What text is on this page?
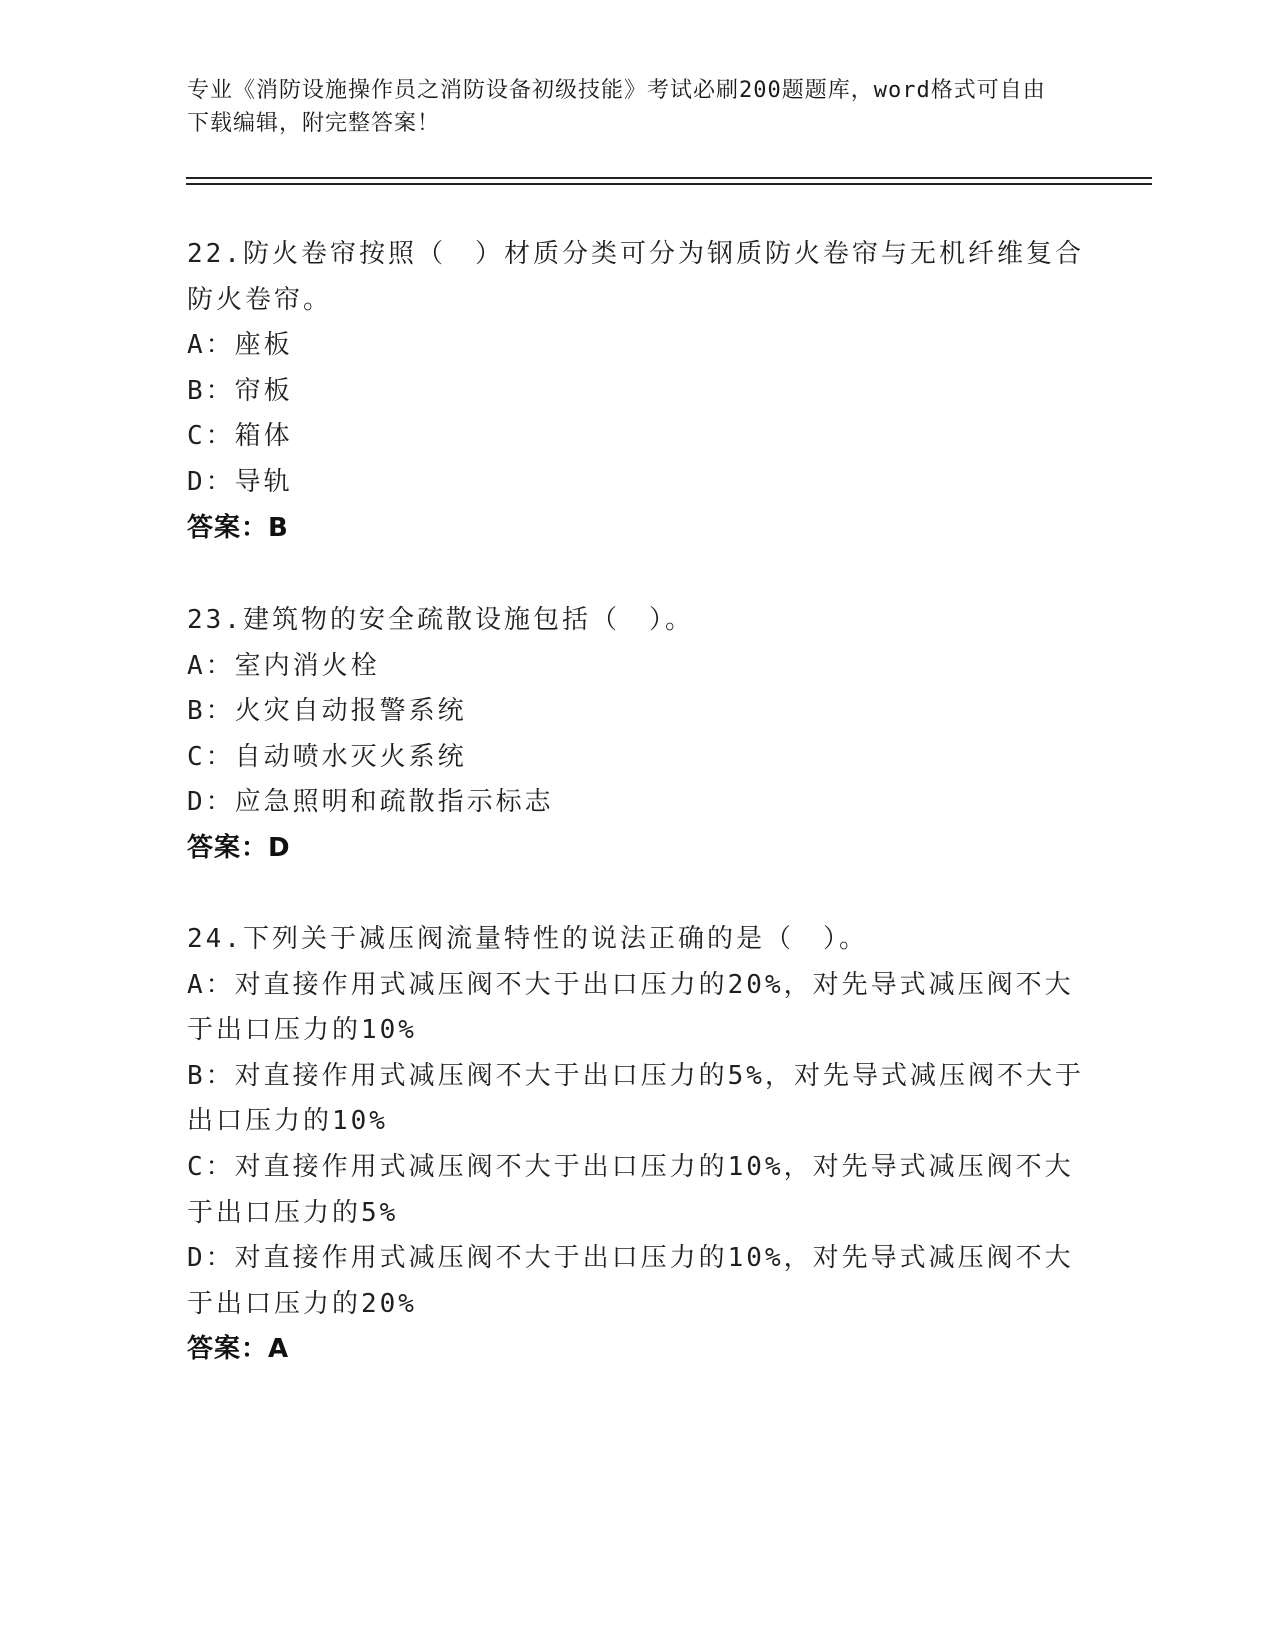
专业《消防设施操作员之消防设备初级技能》考试必刷200题题库，word格式可自由下载编辑，附完整答案！

22.防火卷帘按照（　）材质分类可分为钢质防火卷帘与无机纤维复合防火卷帘。

A：座板

B：帘板

C：箱体

D：导轨

答案：B

23.建筑物的安全疏散设施包括（　）。

A：室内消火栓

B：火灾自动报警系统

C：自动喷水灭火系统

D：应急照明和疏散指示标志

答案：D

24.下列关于减压阀流量特性的说法正确的是（　）。

A：对直接作用式减压阀不大于出口压力的20%，对先导式减压阀不大于出口压力的10%

B：对直接作用式减压阀不大于出口压力的5%，对先导式减压阀不大于出口压力的10%

C：对直接作用式减压阀不大于出口压力的10%，对先导式减压阀不大于出口压力的5%

D：对直接作用式减压阀不大于出口压力的10%，对先导式减压阀不大于出口压力的20%

答案：A
